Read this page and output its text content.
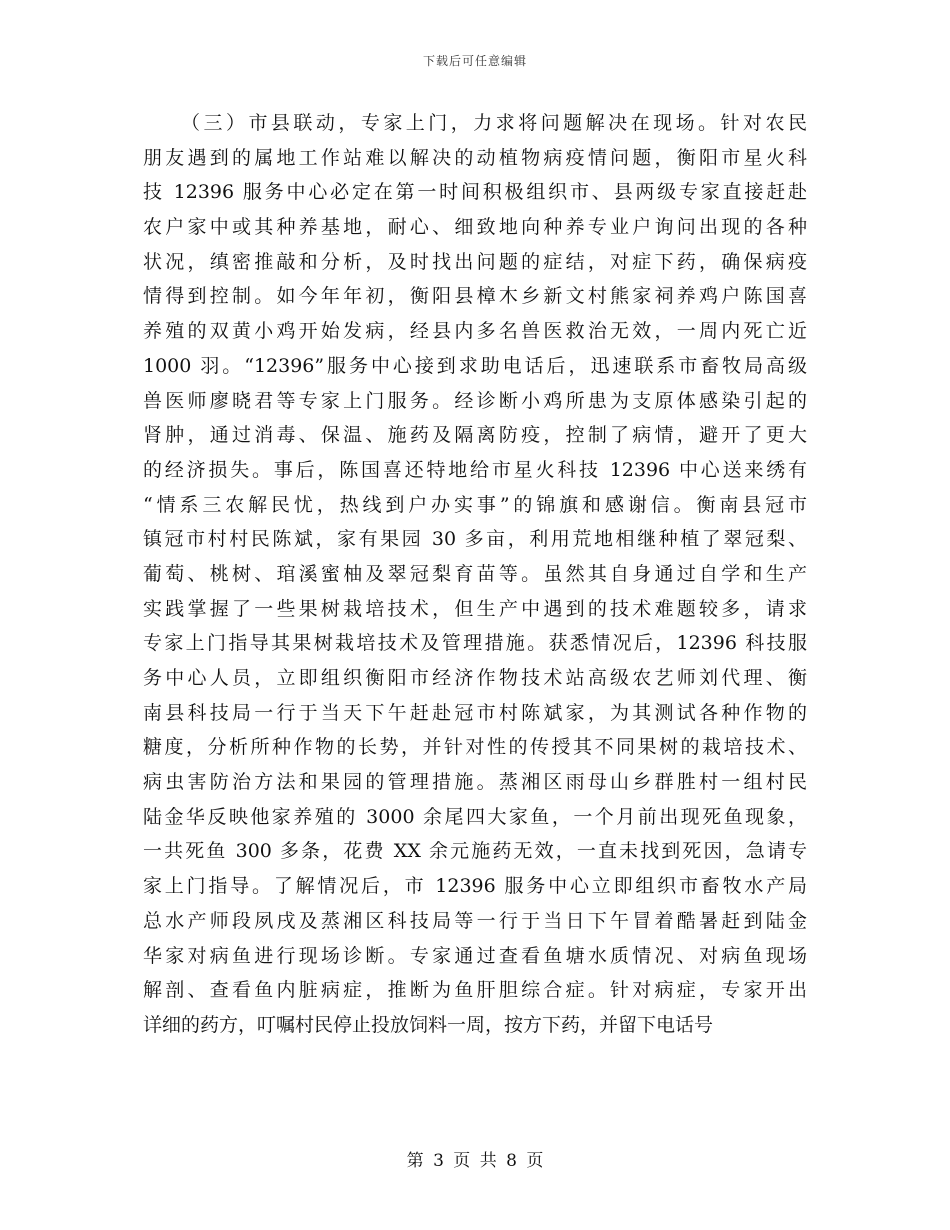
下载后可任意编辑
（三）市县联动，专家上门，力求将问题解决在现场。针对农民
朋友遇到的属地工作站难以解决的动植物病疫情问题，衡阳市星火科
技 12396 服务中心必定在第一时间积极组织市、县两级专家直接赶赴
农户家中或其种养基地，耐心、细致地向种养专业户询问出现的各种
状况，缜密推敲和分析，及时找出问题的症结，对症下药，确保病疫
情得到控制。如今年年初，衡阳县樟木乡新文村熊家祠养鸡户陈国喜
养殖的双黄小鸡开始发病，经县内多名兽医救治无效，一周内死亡近
1000 羽。“12396”服务中心接到求助电话后，迅速联系市畜牧局高级
兽医师廖晓君等专家上门服务。经诊断小鸡所患为支原体感染引起的
肾肿，通过消毒、保温、施药及隔离防疫，控制了病情，避开了更大
的经济损失。事后，陈国喜还特地给市星火科技 12396 中心送来绣有
“情系三农解民忧，热线到户办实事”的锦旗和感谢信。衡南县冠市
镇冠市村村民陈斌，家有果园 30 多亩，利用荒地相继种植了翠冠梨、
葡萄、桃树、琯溪蜜柚及翠冠梨育苗等。虽然其自身通过自学和生产
实践掌握了一些果树栽培技术，但生产中遇到的技术难题较多，请求
专家上门指导其果树栽培技术及管理措施。获悉情况后，12396 科技服
务中心人员，立即组织衡阳市经济作物技术站高级农艺师刘代理、衡
南县科技局一行于当天下午赶赴冠市村陈斌家，为其测试各种作物的
糖度，分析所种作物的长势，并针对性的传授其不同果树的栽培技术、
病虫害防治方法和果园的管理措施。蒸湘区雨母山乡群胜村一组村民
陆金华反映他家养殖的 3000 余尾四大家鱼，一个月前出现死鱼现象，
一共死鱼 300 多条，花费 XX 余元施药无效，一直未找到死因，急请专
家上门指导。了解情况后，市 12396 服务中心立即组织市畜牧水产局
总水产师段夙戌及蒸湘区科技局等一行于当日下午冒着酷暑赶到陆金
华家对病鱼进行现场诊断。专家通过查看鱼塘水质情况、对病鱼现场
解剖、查看鱼内脏病症，推断为鱼肝胆综合症。针对病症，专家开出
详细的药方，叮嘱村民停止投放饲料一周，按方下药，并留下电话号
第 3 页 共 8 页
